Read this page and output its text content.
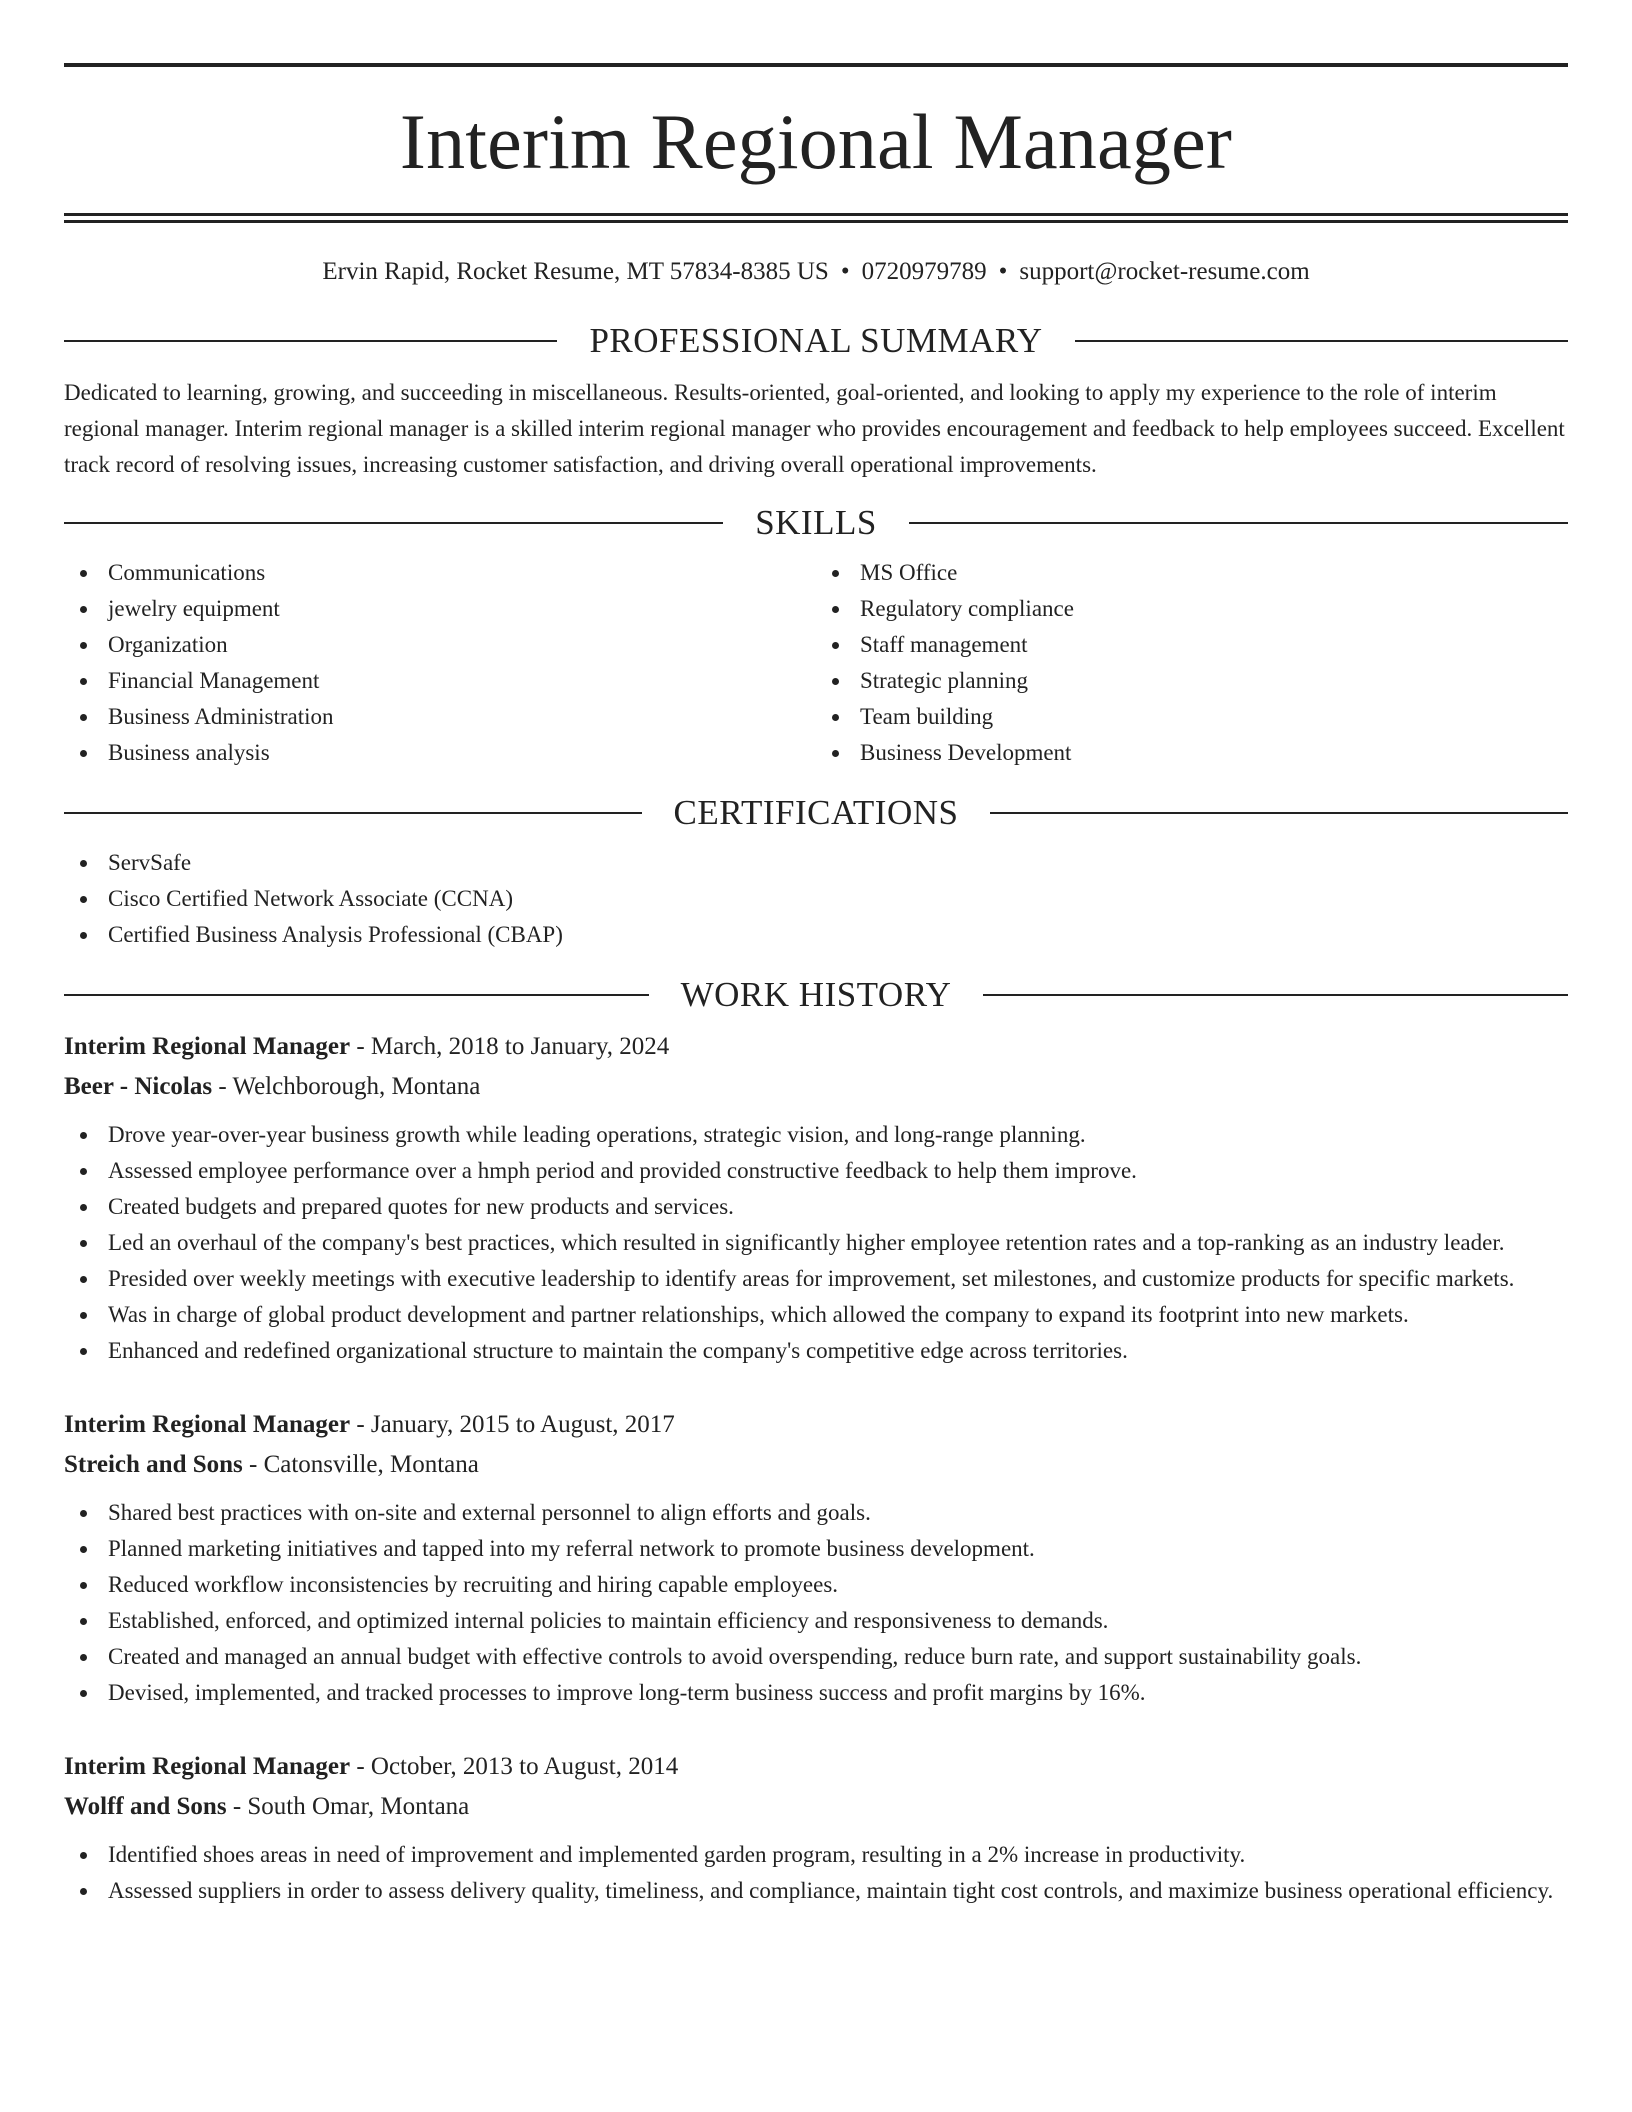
Interim Regional Manager
Ervin Rapid, Rocket Resume, MT 57834-8385 US • 0720979789 • support@rocket-resume.com
PROFESSIONAL SUMMARY

Dedicated to learning, growing, and succeeding in miscellaneous. Results-oriented, goal-oriented, and looking to apply my experience to the role of interim regional manager. Interim regional manager is a skilled interim regional manager who provides encouragement and feedback to help employees succeed. Excellent track record of resolving issues, increasing customer satisfaction, and driving overall operational improvements.

SKILLS
Communications
jewelry equipment
Organization
Financial Management
Business Administration
Business analysis
MS Office
Regulatory compliance
Staff management
Strategic planning
Team building
Business Development
CERTIFICATIONS
ServSafe
Cisco Certified Network Associate (CCNA)
Certified Business Analysis Professional (CBAP)
WORK HISTORY
Interim Regional Manager - March, 2018 to January, 2024
Beer - Nicolas - Welchborough, Montana
Drove year-over-year business growth while leading operations, strategic vision, and long-range planning.
Assessed employee performance over a hmph period and provided constructive feedback to help them improve.
Created budgets and prepared quotes for new products and services.
Led an overhaul of the company's best practices, which resulted in significantly higher employee retention rates and a top-ranking as an industry leader.
Presided over weekly meetings with executive leadership to identify areas for improvement, set milestones, and customize products for specific markets.
Was in charge of global product development and partner relationships, which allowed the company to expand its footprint into new markets.
Enhanced and redefined organizational structure to maintain the company's competitive edge across territories.
Interim Regional Manager - January, 2015 to August, 2017
Streich and Sons - Catonsville, Montana
Shared best practices with on-site and external personnel to align efforts and goals.
Planned marketing initiatives and tapped into my referral network to promote business development.
Reduced workflow inconsistencies by recruiting and hiring capable employees.
Established, enforced, and optimized internal policies to maintain efficiency and responsiveness to demands.
Created and managed an annual budget with effective controls to avoid overspending, reduce burn rate, and support sustainability goals.
Devised, implemented, and tracked processes to improve long-term business success and profit margins by 16%.
Interim Regional Manager - October, 2013 to August, 2014
Wolff and Sons - South Omar, Montana
Identified shoes areas in need of improvement and implemented garden program, resulting in a 2% increase in productivity.
Assessed suppliers in order to assess delivery quality, timeliness, and compliance, maintain tight cost controls, and maximize business operational efficiency.
